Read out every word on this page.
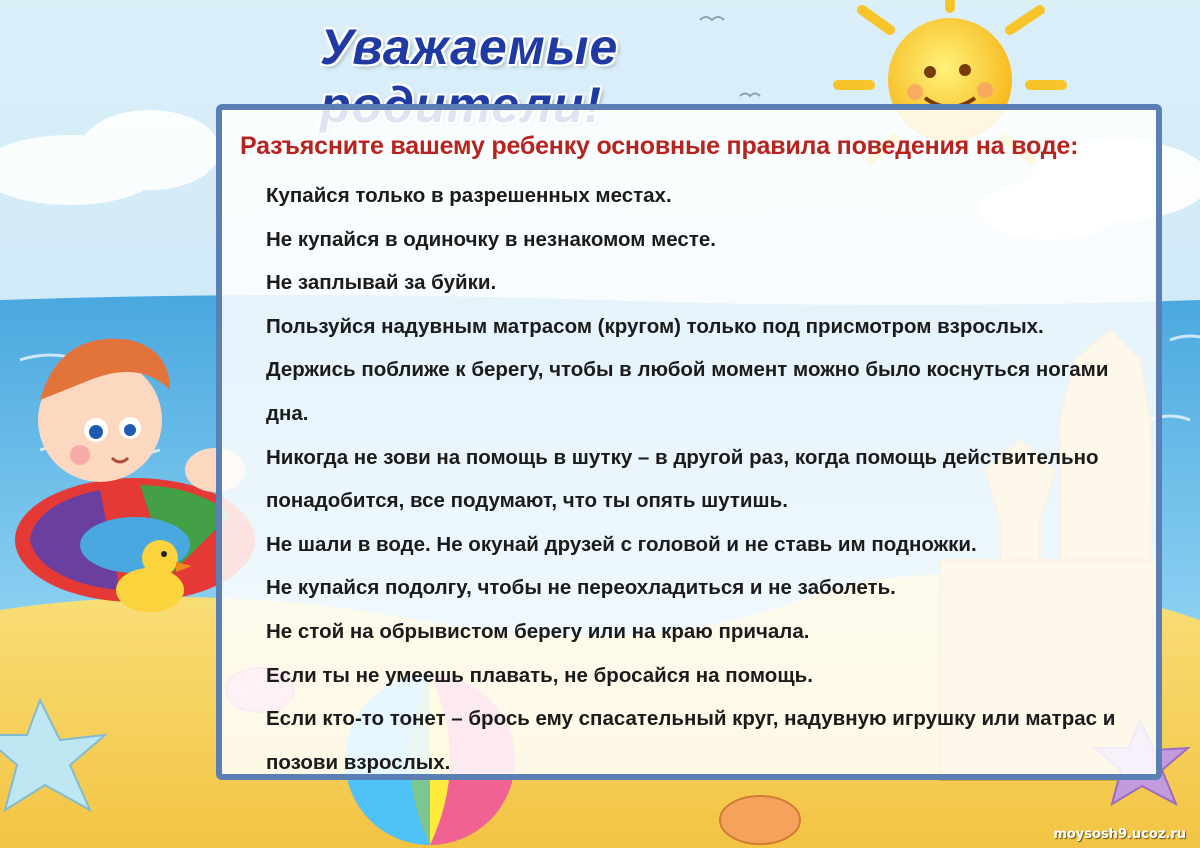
Уважаемые
Разъясните вашему ребенку основные правила поведения на воде:
Купайся только в разрешенных местах.
Не купайся в одиночку в незнакомом месте.
Не заплывай за буйки.
Пользуйся надувным матрасом (кругом) только под присмотром взрослых.
Держись поближе к берегу, чтобы в любой момент можно было коснуться ногами дна.
Никогда не зови на помощь в шутку – в другой раз, когда помощь действительно понадобится, все подумают, что ты опять шутишь.
Не шали в воде. Не окунай друзей с головой и не ставь им подножки.
Не купайся подолгу, чтобы не переохладиться и не заболеть.
Не стой на обрывистом берегу или на краю причала.
Если ты не умеешь плавать, не бросайся на помощь.
Если кто-то тонет – брось ему спасательный круг, надувную игрушку или матрас и позови взрослых.
moysosh9.ucoz.ru
